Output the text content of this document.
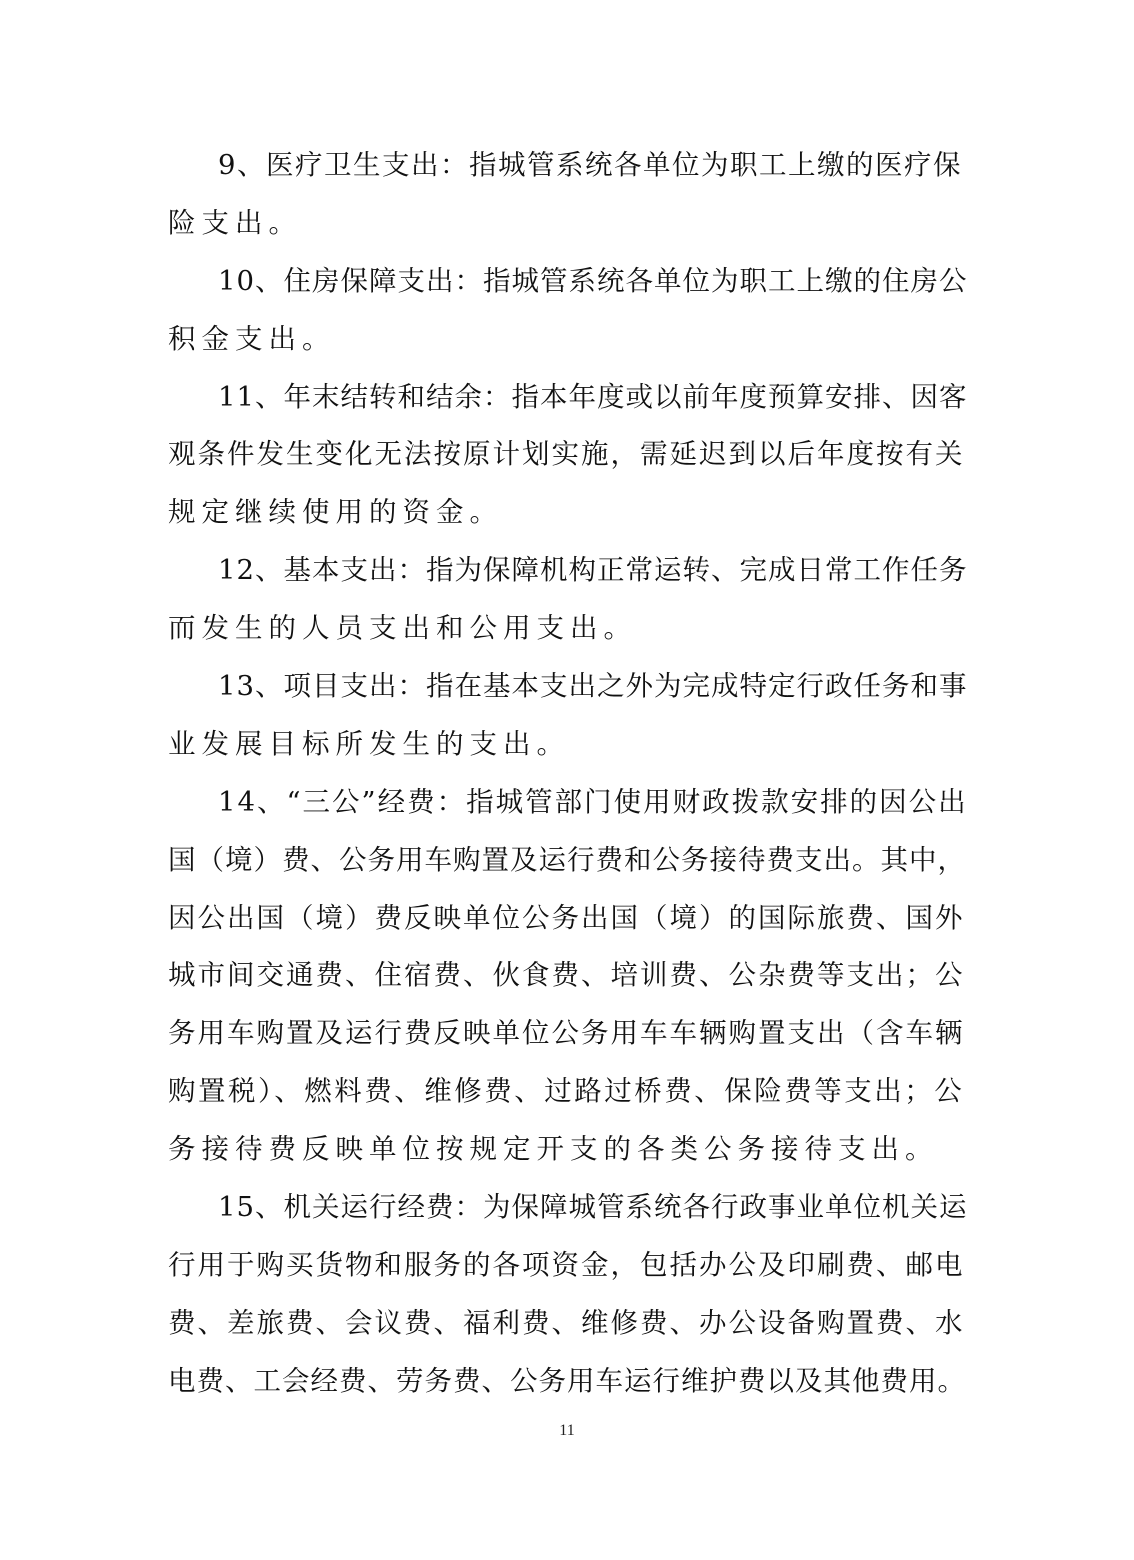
9、医疗卫生支出：指城管系统各单位为职工上缴的医疗保
险支出。
10、住房保障支出：指城管系统各单位为职工上缴的住房公
积金支出。
11、年末结转和结余：指本年度或以前年度预算安排、因客
观条件发生变化无法按原计划实施，需延迟到以后年度按有关
规定继续使用的资金。
12、基本支出：指为保障机构正常运转、完成日常工作任务
而发生的人员支出和公用支出。
13、项目支出：指在基本支出之外为完成特定行政任务和事
业发展目标所发生的支出。
14、“三公”经费：指城管部门使用财政拨款安排的因公出
国（境）费、公务用车购置及运行费和公务接待费支出。其中，
因公出国（境）费反映单位公务出国（境）的国际旅费、国外
城市间交通费、住宿费、伙食费、培训费、公杂费等支出；公
务用车购置及运行费反映单位公务用车车辆购置支出（含车辆
购置税）、燃料费、维修费、过路过桥费、保险费等支出；公
务接待费反映单位按规定开支的各类公务接待支出。
15、机关运行经费：为保障城管系统各行政事业单位机关运
行用于购买货物和服务的各项资金，包括办公及印刷费、邮电
费、差旅费、会议费、福利费、维修费、办公设备购置费、水
电费、工会经费、劳务费、公务用车运行维护费以及其他费用。
11
